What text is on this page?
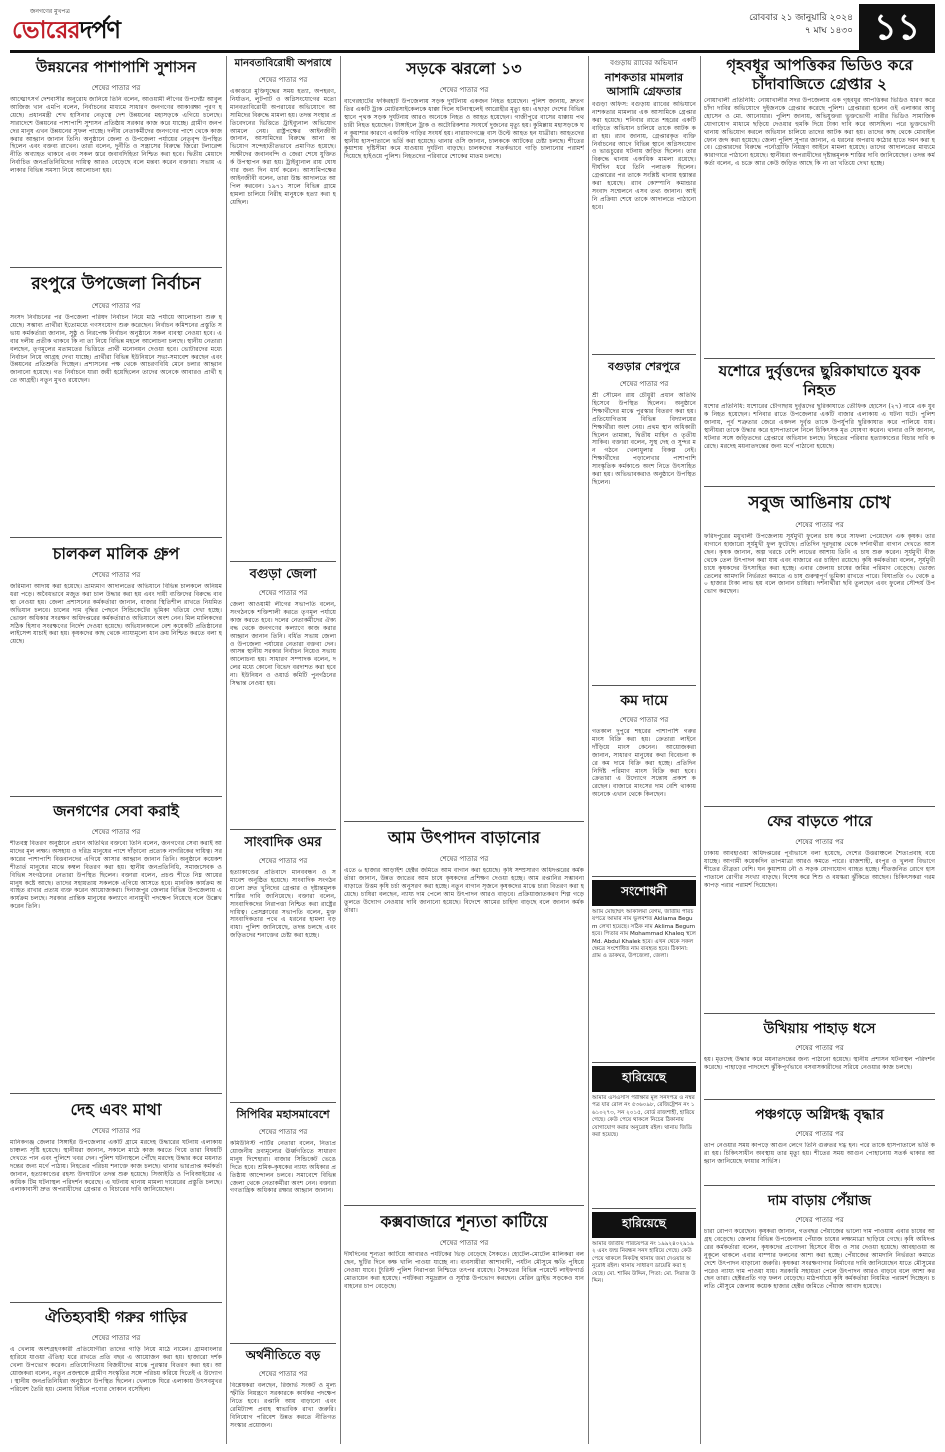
জনগণের মুখপত্র
ভোরেরদর্পণ	রোববার ২১ জানুয়ারি ২০২৪
৭ মাঘ ১৪৩০ ১১
উন্নয়নের পাশাপাশি সুশাসন
শেষের পাতার পর
আত্মোৎসর্গ দেশবাসীর অনুরোধ জানিয়ে তিনি বলেন, আওয়ামী লীগের উপদেষ্টা আবুল আজিজ খান এমপি বলেন, নির্বাচনের মাধ্যমে সাধারণ জনগণের আকাঙ্ক্ষা পূরণ হয়েছে। প্রধানমন্ত্রী শেখ হাসিনার নেতৃত্বে দেশ উন্নয়নের মহাসড়কে এগিয়ে চলেছে। সারাদেশে উন্নয়নের পাশাপাশি সুশাসন প্রতিষ্ঠায় সরকার কাজ করে যাচ্ছে। গ্রামীণ জনপদের মানুষ এখন উন্নয়নের সুফল পাচ্ছে। দলীয় নেতাকর্মীদের জনগণের পাশে থেকে কাজ করার আহ্বান জানান তিনি। অনুষ্ঠানে জেলা ও উপজেলা পর্যায়ের নেতৃবৃন্দ উপস্থিত ছিলেন এবং বক্তব্য রাখেন। তারা বলেন, দুর্নীতি ও সন্ত্রাসের বিরুদ্ধে জিরো টলারেন্স নীতি অব্যাহত থাকবে এবং সকল স্তরে জবাবদিহিতা নিশ্চিত করা হবে। দ্বিতীয় মেয়াদে নির্বাচিত জনপ্রতিনিধিদের দায়িত্ব আরও বেড়েছে বলে মন্তব্য করেন বক্তারা। সভায় এলাকার বিভিন্ন সমস্যা নিয়ে আলোচনা হয়।
রংপুরে উপজেলা নির্বাচন
শেষের পাতার পর
সংসদ নির্বাচনের পর উপজেলা পরিষদ নির্বাচন নিয়ে মাঠ পর্যায়ে আলোচনা শুরু হয়েছে। সম্ভাব্য প্রার্থীরা ইতোমধ্যে গণসংযোগ শুরু করেছেন। নির্বাচন কমিশনের প্রস্তুতি সভায় কর্মকর্তারা জানান, সুষ্ঠু ও নিরপেক্ষ নির্বাচন অনুষ্ঠানে সকল ব্যবস্থা নেওয়া হবে। এবার দলীয় প্রতীক থাকবে কি না তা নিয়ে বিভিন্ন মহলে আলোচনা চলছে। স্থানীয় নেতারা বলছেন, তৃণমূলের মতামতের ভিত্তিতে প্রার্থী মনোনয়ন দেওয়া হবে। ভোটারদের মধ্যে নির্বাচন নিয়ে আগ্রহ দেখা যাচ্ছে। প্রার্থীরা বিভিন্ন ইউনিয়নে সভা-সমাবেশ করছেন এবং উন্নয়নের প্রতিশ্রুতি দিচ্ছেন। প্রশাসনের পক্ষ থেকে আচরণবিধি মেনে চলার আহ্বান জানানো হয়েছে। গত নির্বাচনে যারা জয়ী হয়েছিলেন তাদের অনেকে আবারও প্রার্থী হতে আগ্রহী। নতুন মুখও রয়েছেন।
চালকল মালিক গ্রুপ
শেষের পাতার পর
জরিমানা আদায় করা হয়েছে। ভ্রাম্যমাণ আদালতের অভিযানে বিভিন্ন চালকলে অনিয়ম ধরা পড়ে। অবৈধভাবে মজুত করা চাল উদ্ধার করা হয় এবং দায়ী ব্যক্তিদের বিরুদ্ধে ব্যবস্থা নেওয়া হয়। জেলা প্রশাসনের কর্মকর্তারা জানান, বাজার স্থিতিশীল রাখতে নিয়মিত অভিযান চলবে। চালের দাম বৃদ্ধির পেছনে সিন্ডিকেটের ভূমিকা খতিয়ে দেখা হচ্ছে। ভোক্তা অধিকার সংরক্ষণ অধিদপ্তরের কর্মকর্তারাও অভিযানে অংশ নেন। মিল মালিকদের সঠিক হিসাব সংরক্ষণের নির্দেশ দেওয়া হয়েছে। অভিযানকালে বেশ কয়েকটি প্রতিষ্ঠানের লাইসেন্স যাচাই করা হয়। কৃষকদের কাছ থেকে ন্যায্যমূল্যে ধান ক্রয় নিশ্চিত করতে বলা হয়েছে।
জনগণের সেবা করাই
শেষের পাতার পর
শীতবস্ত্র বিতরণ অনুষ্ঠানে প্রধান অতিথির বক্তব্যে তিনি বলেন, জনগণের সেবা করাই আমাদের মূল লক্ষ্য। অসহায় ও দরিদ্র মানুষের পাশে দাঁড়ানো প্রত্যেক নাগরিকের দায়িত্ব। সরকারের পাশাপাশি বিত্তবানদের এগিয়ে আসার আহ্বান জানান তিনি। অনুষ্ঠানে কয়েকশ শীতার্ত মানুষের মাঝে কম্বল বিতরণ করা হয়। স্থানীয় জনপ্রতিনিধি, সমাজসেবক ও বিভিন্ন সংগঠনের নেতারা উপস্থিত ছিলেন। বক্তারা বলেন, প্রচণ্ড শীতে নিম্ন আয়ের মানুষ কষ্টে আছে। তাদের সহায়তায় সকলকে এগিয়ে আসতে হবে। মানবিক কার্যক্রম অব্যাহত রাখার প্রত্যয় ব্যক্ত করেন আয়োজকরা। দিনাজপুর জেলার বিভিন্ন উপজেলায় এ কার্যক্রম চলছে। সরকার প্রান্তিক মানুষের কল্যাণে নানামুখী পদক্ষেপ নিয়েছে বলে উল্লেখ করেন তিনি।
দেহ এবং মাথা
শেষের পাতার পর
মানিকগঞ্জ জেলার সিঙ্গাইর উপজেলার একটি গ্রামে মরদেহ উদ্ধারের ঘটনায় এলাকায় চাঞ্চল্য সৃষ্টি হয়েছে। স্থানীয়রা জানান, সকালে মাঠে কাজ করতে গিয়ে তারা বিষয়টি দেখতে পান এবং পুলিশে খবর দেন। পুলিশ ঘটনাস্থলে পৌঁছে মরদেহ উদ্ধার করে ময়নাতদন্তের জন্য মর্গে পাঠায়। নিহতের পরিচয় শনাক্তে কাজ চলছে। থানার ভারপ্রাপ্ত কর্মকর্তা জানান, হত্যাকাণ্ডের রহস্য উদঘাটনে তদন্ত শুরু হয়েছে। সিআইডি ও পিবিআইয়ের একাধিক টিম ঘটনাস্থল পরিদর্শন করেছে। এ ঘটনায় থানায় মামলা দায়েরের প্রস্তুতি চলছে। এলাকাবাসী দ্রুত অপরাধীদের গ্রেপ্তার ও বিচারের দাবি জানিয়েছেন।
ঐতিহ্যবাহী গরুর গাড়ির
শেষের পাতার পর
এ খেলায় অংশগ্রহণকারী প্রতিযোগীরা তাদের গাড়ি নিয়ে মাঠে নামেন। গ্রামবাংলার হারিয়ে যাওয়া ঐতিহ্য ধরে রাখতে প্রতি বছর এ আয়োজন করা হয়। হাজারো দর্শক খেলা উপভোগ করেন। প্রতিযোগিতায় বিজয়ীদের মাঝে পুরস্কার বিতরণ করা হয়। আয়োজকরা বলেন, নতুন প্রজন্মকে গ্রামীণ সংস্কৃতির সঙ্গে পরিচয় করিয়ে দিতেই এ উদ্যোগ। স্থানীয় জনপ্রতিনিধিরা অনুষ্ঠানে উপস্থিত ছিলেন। খেলাকে ঘিরে এলাকায় উৎসবমুখর পরিবেশ তৈরি হয়। মেলায় বিভিন্ন পণ্যের দোকান বসেছিল।
মানবতাবিরোধী অপরাধে
শেষের পাতার পর
একাত্তরে মুক্তিযুদ্ধের সময় হত্যা, অপহরণ, নির্যাতন, লুটপাট ও অগ্নিসংযোগের মতো মানবতাবিরোধী অপরাধের অভিযোগে আসামিদের বিরুদ্ধে মামলা হয়। তদন্ত সংস্থার প্রতিবেদনের ভিত্তিতে ট্রাইব্যুনাল অভিযোগ আমলে নেয়। রাষ্ট্রপক্ষের আইনজীবী জানান, আসামিদের বিরুদ্ধে আনা অভিযোগ সন্দেহাতীতভাবে প্রমাণিত হয়েছে। সাক্ষীদের জবানবন্দি ও জেরা শেষে যুক্তিতর্ক উপস্থাপন করা হয়। ট্রাইব্যুনাল রায় ঘোষণার জন্য দিন ধার্য করেন। আসামিপক্ষের আইনজীবী বলেন, তারা উচ্চ আদালতে আপিল করবেন। ১৯৭১ সালে বিভিন্ন গ্রামে হামলা চালিয়ে নিরীহ মানুষকে হত্যা করা হয়েছিল।
বগুড়া জেলা
শেষের পাতার পর
জেলা আওয়ামী লীগের সভাপতি বলেন, সংগঠনকে শক্তিশালী করতে তৃণমূল পর্যায়ে কাজ করতে হবে। দলের নেতাকর্মীদের ঐক্যবদ্ধ থেকে জনগণের কল্যাণে কাজ করার আহ্বান জানান তিনি। বর্ধিত সভায় জেলা ও উপজেলা পর্যায়ের নেতারা বক্তব্য দেন। আসন্ন স্থানীয় সরকার নির্বাচন নিয়েও সভায় আলোচনা হয়। সাধারণ সম্পাদক বলেন, দলের মধ্যে কোনো বিভেদ বরদাশত করা হবে না। ইউনিয়ন ও ওয়ার্ড কমিটি পুনর্গঠনের সিদ্ধান্ত নেওয়া হয়।
সাংবাদিক ওমর
শেষের পাতার পর
হত্যাকাণ্ডের প্রতিবাদে মানববন্ধন ও সমাবেশ অনুষ্ঠিত হয়েছে। সাংবাদিক সংগঠনগুলো দ্রুত খুনিদের গ্রেপ্তার ও দৃষ্টান্তমূলক শাস্তির দাবি জানিয়েছে। বক্তারা বলেন, সাংবাদিকদের নিরাপত্তা নিশ্চিত করা রাষ্ট্রের দায়িত্ব। প্রেসক্লাবের সভাপতি বলেন, মুক্ত সাংবাদিকতার পথে এ ধরনের হামলা বড় বাধা। পুলিশ জানিয়েছে, তদন্ত চলছে এবং জড়িতদের শনাক্তের চেষ্টা করা হচ্ছে।
সিপিবির মহাসমাবেশে
শেষের পাতার পর
কমিউনিস্ট পার্টির নেতারা বলেন, নিত্যপ্রয়োজনীয় দ্রব্যমূল্যের ঊর্ধ্বগতিতে সাধারণ মানুষ দিশেহারা। বাজার সিন্ডিকেট ভেঙে দিতে হবে। শ্রমিক-কৃষকের ন্যায্য অধিকার প্রতিষ্ঠায় আন্দোলন চলবে। সমাবেশে বিভিন্ন জেলা থেকে নেতাকর্মীরা অংশ নেন। বক্তারা গণতান্ত্রিক অধিকার রক্ষার আহ্বান জানান।
অর্থনীতিতে বড়
শেষের পাতার পর
বিশ্লেষকরা বলছেন, রিজার্ভ সংকট ও মূল্যস্ফীতি নিয়ন্ত্রণে সরকারকে কার্যকর পদক্ষেপ নিতে হবে। রপ্তানি আয় বাড়ানো এবং রেমিট্যান্স প্রবাহ স্বাভাবিক রাখা জরুরি। বিনিয়োগ পরিবেশ উন্নত করতে নীতিগত সংস্কার প্রয়োজন।
সড়কে ঝরলো ১৩
শেষের পাতার পর
বাগেরহাটের ফকিরহাট উপজেলায় সড়ক দুর্ঘটনায় একজন নিহত হয়েছেন। পুলিশ জানায়, দ্রুতগতির একটি ট্রাক মোটরসাইকেলকে ধাক্কা দিলে ঘটনাস্থলেই আরোহীর মৃত্যু হয়। এছাড়া দেশের বিভিন্ন স্থানে পৃথক সড়ক দুর্ঘটনায় আরও অনেকে নিহত ও আহত হয়েছেন। গাজীপুরে বাসের ধাক্কায় পথচারী নিহত হয়েছেন। টাঙ্গাইলে ট্রাক ও অটোরিকশার সংঘর্ষে দুজনের মৃত্যু হয়। কুমিল্লায় মহাসড়কে ঘন কুয়াশার কারণে একাধিক গাড়ির সংঘর্ষ হয়। নারায়ণগঞ্জে বাস উল্টে আহত হন যাত্রীরা। আহতদের স্থানীয় হাসপাতালে ভর্তি করা হয়েছে। থানার ওসি জানান, চালককে আটকের চেষ্টা চলছে। শীতের কুয়াশায় দৃষ্টিসীমা কমে যাওয়ায় দুর্ঘটনা বাড়ছে। চালকদের সতর্কভাবে গাড়ি চালানোর পরামর্শ দিয়েছে হাইওয়ে পুলিশ। নিহতদের পরিবারে শোকের মাতম চলছে।
আম উৎপাদন বাড়ানোর
শেষের পাতার পর
এতে ৬ হাজার আড়াইশ হেক্টর জমিতে আম বাগান করা হয়েছে। কৃষি সম্প্রসারণ অধিদপ্তরের কর্মকর্তারা জানান, উন্নত জাতের আম চাষে কৃষকদের প্রশিক্ষণ দেওয়া হচ্ছে। আম রপ্তানির সম্ভাবনা বাড়াতে উত্তম কৃষি চর্চা অনুসরণ করা হচ্ছে। নতুন বাগান সৃজনে কৃষকদের মাঝে চারা বিতরণ করা হয়েছে। চাষিরা বলছেন, ন্যায্য দাম পেলে আম উৎপাদন আরও বাড়বে। প্রক্রিয়াজাতকরণ শিল্প গড়ে তুলতে উদ্যোগ নেওয়ার দাবি জানানো হয়েছে। বিদেশে আমের চাহিদা বাড়ছে বলে জানান কর্মকর্তারা।
কক্সবাজারে শূন্যতা কাটিয়ে
শেষের পাতার পর
দীর্ঘদিনের শূন্যতা কাটিয়ে আবারও পর্যটকের ভিড় বেড়েছে সৈকতে। হোটেল-মোটেল মালিকরা বলছেন, ছুটির দিনে কক্ষ খালি পাওয়া যাচ্ছে না। ব্যবসায়ীরা আশাবাদী, পর্যটন মৌসুমে ক্ষতি পুষিয়ে নেওয়া যাবে। ট্যুরিস্ট পুলিশ নিরাপত্তা নিশ্চিতে তৎপর রয়েছে। সৈকতের বিভিন্ন পয়েন্টে লাইফগার্ড মোতায়েন করা হয়েছে। পর্যটকরা সমুদ্রস্নান ও সূর্যাস্ত উপভোগ করছেন। মেরিন ড্রাইভ সড়কেও যানবাহনের চাপ বেড়েছে।
বগুড়ায় র‌্যাবের অভিযান
নাশকতার মামলার আসামি গ্রেফতার
বগুড়া অফিস: বগুড়ায় র‌্যাবের অভিযানে নাশকতার মামলার এক আসামিকে গ্রেপ্তার করা হয়েছে। শনিবার রাতে শহরের একটি বাড়িতে অভিযান চালিয়ে তাকে আটক করা হয়। র‌্যাব জানায়, গ্রেপ্তারকৃত ব্যক্তি নির্বাচনের আগে বিভিন্ন স্থানে অগ্নিসংযোগ ও ভাঙচুরের ঘটনায় জড়িত ছিলেন। তার বিরুদ্ধে থানায় একাধিক মামলা রয়েছে। দীর্ঘদিন ধরে তিনি পলাতক ছিলেন। গ্রেপ্তারের পর তাকে সংশ্লিষ্ট থানায় হস্তান্তর করা হয়েছে। র‌্যাব কোম্পানি কমান্ডার সংবাদ সম্মেলনে এসব তথ্য জানান। আইনি প্রক্রিয়া শেষে তাকে আদালতে পাঠানো হবে।
বগুড়ার শেরপুরে
শেষের পাতার পর
শ্রী সৌমেন রায় চৌধুরী প্রধান অতিথি হিসেবে উপস্থিত ছিলেন। অনুষ্ঠানে শিক্ষার্থীদের মাঝে পুরস্কার বিতরণ করা হয়। প্রতিযোগিতায় বিভিন্ন বিদ্যালয়ের শিক্ষার্থীরা অংশ নেয়। প্রথম স্থান অধিকারী ছিলেন তামান্না, দ্বিতীয় মাহিন ও তৃতীয় সাকিব। বক্তারা বলেন, সুস্থ দেহ ও সুন্দর মন গঠনে খেলাধুলার বিকল্প নেই। শিক্ষার্থীদের পড়ালেখার পাশাপাশি সাংস্কৃতিক কর্মকাণ্ডে অংশ নিতে উৎসাহিত করা হয়। অভিভাবকরাও অনুষ্ঠানে উপস্থিত ছিলেন।
কম দামে
শেষের পাতার পর
গতকাল দুপুরে শহরের পাশাপাশি গরুর মাংস বিক্রি করা হয়। ক্রেতারা লাইনে দাঁড়িয়ে মাংস কেনেন। আয়োজকরা জানান, সাধারণ মানুষের কথা বিবেচনা করে কম দামে বিক্রি করা হচ্ছে। প্রতিদিন নির্দিষ্ট পরিমাণ মাংস বিক্রি করা হবে। ক্রেতারা এ উদ্যোগে সন্তোষ প্রকাশ করেছেন। বাজারে মাংসের দাম বেশি থাকায় অনেকে এখান থেকে কিনছেন।
সংশোধনী
আমি মোছাম্মৎ আকলিমা বেগম, জাতীয় পরিচয়পত্রে আমার নাম ভুলবশত Akliama Begum লেখা হয়েছে। সঠিক নাম Aklima Begum হবে। পিতার নাম Mohammad Khaleq স্থলে Md. Abdul Khalek হবে। এখন থেকে সকল ক্ষেত্রে সংশোধিত নাম ব্যবহৃত হবে। ঠিকানা: গ্রাম ও ডাকঘর, উপজেলা, জেলা।
হারিয়েছে
আমার এসএসসি পরীক্ষার মূল সনদপত্র ও নম্বরপত্র যার রোল নং ৫৩৬০৯৮, রেজিষ্ট্রেশন নং ১৬১০২৭৩, সন ২০১৫, বোর্ড রাজশাহী, হারিয়ে গেছে। কেউ পেয়ে থাকলে নিচের ঠিকানায় যোগাযোগ করার অনুরোধ রইল। থানায় জিডি করা হয়েছে।
হারিয়েছে
আমার জাতীয় পরিচয়পত্র নং ১৯৯২৪০২৯১৯২ এবং জন্ম নিবন্ধন সনদ হারিয়ে গেছে। কেউ পেয়ে থাকলে নিকটস্থ থানায় জমা দেওয়ার অনুরোধ রইল। থানায় সাধারণ ডায়েরি করা হয়েছে। মো. শামিম উদ্দিন, পিতা: মো. সিরাজ উদ্দিন।
গৃহবধূর আপত্তিকর ভিডিও করে চাঁদাবাজিতে গ্রেপ্তার ২
নোয়াখালী প্রতিনিধি: নোয়াখালীর সদর উপজেলায় এক গৃহবধূর আপত্তিকর ভিডিও ধারণ করে চাঁদা দাবির অভিযোগে দুইজনকে গ্রেপ্তার করেছে পুলিশ। গ্রেপ্তাররা হলেন ওই এলাকার আবু হোসেন ও মো. আনোয়ার। পুলিশ জানায়, অভিযুক্তরা ভুক্তভোগী নারীর ভিডিও সামাজিক যোগাযোগ মাধ্যমে ছড়িয়ে দেওয়ার হুমকি দিয়ে টাকা দাবি করে আসছিল। পরে ভুক্তভোগী থানায় অভিযোগ করলে অভিযান চালিয়ে তাদের আটক করা হয়। তাদের কাছ থেকে মোবাইল ফোন জব্দ করা হয়েছে। জেলা পুলিশ সুপার জানান, এ ধরনের অপরাধ কঠোর হাতে দমন করা হবে। গ্রেপ্তারদের বিরুদ্ধে পর্নোগ্রাফি নিয়ন্ত্রণ আইনে মামলা হয়েছে। তাদের আদালতের মাধ্যমে কারাগারে পাঠানো হয়েছে। স্থানীয়রা অপরাধীদের দৃষ্টান্তমূলক শাস্তির দাবি জানিয়েছেন। তদন্ত কর্মকর্তা বলেন, এ চক্রে আর কেউ জড়িত আছে কি না তা খতিয়ে দেখা হচ্ছে।
যশোরে দুর্বৃত্তদের ছুরিকাঘাতে যুবক নিহত
যশোর প্রতিনিধি: যশোরের চৌগাছায় দুর্বৃত্তদের ছুরিকাঘাতে তৌফিক হোসেন (২৭) নামে এক যুবক নিহত হয়েছেন। শনিবার রাতে উপজেলার একটি বাজার এলাকায় এ ঘটনা ঘটে। পুলিশ জানায়, পূর্ব শত্রুতার জেরে একদল দুর্বৃত্ত তাকে উপর্যুপরি ছুরিকাঘাত করে পালিয়ে যায়। স্থানীয়রা তাকে উদ্ধার করে হাসপাতালে নিলে চিকিৎসক মৃত ঘোষণা করেন। থানার ওসি জানান, ঘটনার সঙ্গে জড়িতদের গ্রেপ্তারে অভিযান চলছে। নিহতের পরিবার হত্যাকাণ্ডের বিচার দাবি করেছে। মরদেহ ময়নাতদন্তের জন্য মর্গে পাঠানো হয়েছে।
সবুজ আঙিনায় চোখ
শেষের পাতার পর
ফরিদপুরের মধুখালী উপজেলায় সূর্যমুখী ফুলের চাষ করে সাফল্য পেয়েছেন এক কৃষক। তার বাগানে হাজারো সূর্যমুখী ফুল ফুটেছে। প্রতিদিন দূরদূরান্ত থেকে দর্শনার্থীরা বাগান দেখতে আসছেন। কৃষক জানান, অল্প খরচে বেশি লাভের আশায় তিনি এ চাষ শুরু করেন। সূর্যমুখী বীজ থেকে তেল উৎপাদন করা যায় এবং বাজারে এর চাহিদা রয়েছে। কৃষি কর্মকর্তারা বলেন, সূর্যমুখী চাষে কৃষকদের উৎসাহিত করা হচ্ছে। এবার জেলায় চাষের জমির পরিমাণ বেড়েছে। ভোজ্যতেলের আমদানি নির্ভরতা কমাতে এ চাষ গুরুত্বপূর্ণ ভূমিকা রাখতে পারে। বিঘাপ্রতি ৩০ থেকে ৪০ হাজার টাকা লাভ হয় বলে জানান চাষিরা। দর্শনার্থীরা ছবি তুলছেন এবং ফুলের সৌন্দর্য উপভোগ করছেন।
ফের বাড়তে পারে
শেষের পাতার পর
ঢাকায় আবহাওয়া অধিদপ্তরের পূর্বাভাসে বলা হয়েছে, দেশের উত্তরাঞ্চলে শৈত্যপ্রবাহ বয়ে যাচ্ছে। আগামী কয়েকদিন তাপমাত্রা আরও কমতে পারে। রাজশাহী, রংপুর ও খুলনা বিভাগে শীতের তীব্রতা বেশি। ঘন কুয়াশায় নৌ ও সড়ক যোগাযোগ ব্যাহত হচ্ছে। শীতজনিত রোগে হাসপাতালে রোগীর সংখ্যা বাড়ছে। বিশেষ করে শিশু ও বয়স্করা ঝুঁকিতে আছেন। চিকিৎসকরা গরম কাপড় পরার পরামর্শ দিয়েছেন।
উখিয়ায় পাহাড় ধসে
শেষের পাতার পর
হয়। মৃতদেহ উদ্ধার করে ময়নাতদন্তের জন্য পাঠানো হয়েছে। স্থানীয় প্রশাসন ঘটনাস্থল পরিদর্শন করেছে। পাহাড়ের পাদদেশে ঝুঁকিপূর্ণভাবে বসবাসকারীদের সরিয়ে নেওয়ার কাজ চলছে।
পঞ্চগড়ে অগ্নিদগ্ধ বৃদ্ধার
শেষের পাতার পর
তাপ নেওয়ার সময় কাপড়ে আগুন লেগে তিনি গুরুতর দগ্ধ হন। পরে তাকে হাসপাতালে ভর্তি করা হয়। চিকিৎসাধীন অবস্থায় তার মৃত্যু হয়। শীতের সময় আগুন পোহানোয় সতর্ক থাকার আহ্বান জানিয়েছে ফায়ার সার্ভিস।
দাম বাড়ায় পেঁয়াজ
শেষের পাতার পর
চারা রোপণ করেছেন। কৃষকরা জানান, গতবছর পেঁয়াজের ভালো দাম পাওয়ায় এবার চাষের আগ্রহ বেড়েছে। জেলার বিভিন্ন উপজেলায় পেঁয়াজ চাষের লক্ষ্যমাত্রা ছাড়িয়ে গেছে। কৃষি অধিদপ্তরের কর্মকর্তারা বলেন, কৃষকদের প্রণোদনা হিসেবে বীজ ও সার দেওয়া হয়েছে। আবহাওয়া অনুকূলে থাকলে এবার বাম্পার ফলনের আশা করা হচ্ছে। পেঁয়াজের আমদানি নির্ভরতা কমাতে দেশে উৎপাদন বাড়ানো জরুরি। কৃষকরা সংরক্ষণাগার নির্মাণের দাবি জানিয়েছেন যাতে মৌসুমের পরেও ন্যায্য দাম পাওয়া যায়। সরকারি সহায়তা পেলে উৎপাদন আরও বাড়বে বলে আশা করছেন তারা। হেক্টরপ্রতি গড় ফলন বেড়েছে। মাঠপর্যায়ে কৃষি কর্মকর্তারা নিয়মিত পরামর্শ দিচ্ছেন। চলতি মৌসুমে জেলায় কয়েক হাজার হেক্টর জমিতে পেঁয়াজ আবাদ হয়েছে।
